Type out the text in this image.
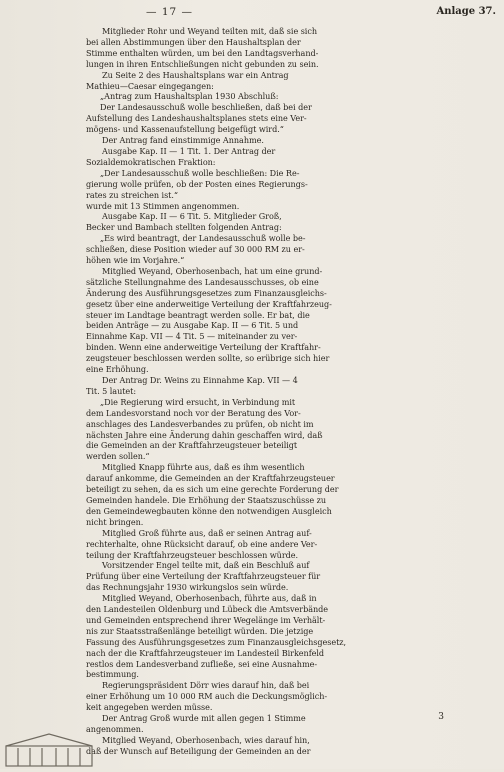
— 17 —	Anlage 37.
Mitglieder Rohr und Weyand teilten mit, daß sie sich
bei allen Abstimmungen über den Haushaltsplan der
Stimme enthalten würden, um bei den Landtagsverhand-
lungen in ihren Entschließungen nicht gebunden zu sein.
Zu Seite 2 des Haushaltsplans war ein Antrag
Mathieu—Caesar eingegangen:
„Antrag zum Haushaltsplan 1930 Abschluß:
Der Landesausschuß wolle beschließen, daß bei der
Aufstellung des Landeshaushaltsplanes stets eine Ver-
mögens- und Kassenaufstellung beigefügt wird.“
Der Antrag fand einstimmige Annahme.
Ausgabe Kap. II — 1 Tit. 1. Der Antrag der
Sozialdemokratischen Fraktion:
„Der Landesausschuß wolle beschließen: Die Re-
gierung wolle prüfen, ob der Posten eines Regierungs-
rates zu streichen ist.“
wurde mit 13 Stimmen angenommen.
Ausgabe Kap. II — 6 Tit. 5. Mitglieder Groß,
Becker und Bambach stellten folgenden Antrag:
„Es wird beantragt, der Landesausschuß wolle be-
schließen, diese Position wieder auf 30 000 RM zu er-
höhen wie im Vorjahre.“
Mitglied Weyand, Oberhosenbach, hat um eine grund-
sätzliche Stellungnahme des Landesausschusses, ob eine
Änderung des Ausführungsgesetzes zum Finanzausgleichs-
gesetz über eine anderweitige Verteilung der Kraftfahrzeug-
steuer im Landtage beantragt werden solle. Er bat, die
beiden Anträge — zu Ausgabe Kap. II — 6 Tit. 5 und
Einnahme Kap. VII — 4 Tit. 5 — miteinander zu ver-
binden. Wenn eine anderweitige Verteilung der Kraftfahr-
zeugsteuer beschlossen werden sollte, so erübrige sich hier
eine Erhöhung.
Der Antrag Dr. Weins zu Einnahme Kap. VII — 4
Tit. 5 lautet:
„Die Regierung wird ersucht, in Verbindung mit
dem Landesvorstand noch vor der Beratung des Vor-
anschlages des Landesverbandes zu prüfen, ob nicht im
nächsten Jahre eine Änderung dahin geschaffen wird, daß
die Gemeinden an der Kraftfahrzeugsteuer beteiligt
werden sollen.“
Mitglied Knapp führte aus, daß es ihm wesentlich
darauf ankomme, die Gemeinden an der Kraftfahrzeugsteuer
beteiligt zu sehen, da es sich um eine gerechte Forderung der
Gemeinden handele. Die Erhöhung der Staatszuschüsse zu
den Gemeindewegbauten könne den notwendigen Ausgleich
nicht bringen.
Mitglied Groß führte aus, daß er seinen Antrag auf-
rechterhalte, ohne Rücksicht darauf, ob eine andere Ver-
teilung der Kraftfahrzeugsteuer beschlossen würde.
Vorsitzender Engel teilte mit, daß ein Beschluß auf
Prüfung über eine Verteilung der Kraftfahrzeugsteuer für
das Rechnungsjahr 1930 wirkungslos sein würde.
Mitglied Weyand, Oberhosenbach, führte aus, daß in
den Landesteilen Oldenburg und Lübeck die Amtsverbände
und Gemeinden entsprechend ihrer Wegelänge im Verhält-
nis zur Staatsstraßenlänge beteiligt würden. Die jetzige
Fassung des Ausführungsgesetzes zum Finanzausgleichsgesetz,
nach der die Kraftfahrzeugsteuer im Landesteil Birkenfeld
restlos dem Landesverband zufließe, sei eine Ausnahme-
bestimmung.
Regierungspräsident Dörr wies darauf hin, daß bei
einer Erhöhung um 10 000 RM auch die Deckungsmöglich-
keit angegeben werden müsse.
Der Antrag Groß wurde mit allen gegen 1 Stimme
angenommen.
Mitglied Weyand, Oberhosenbach, wies darauf hin,
daß der Wunsch auf Beteiligung der Gemeinden an der
3
